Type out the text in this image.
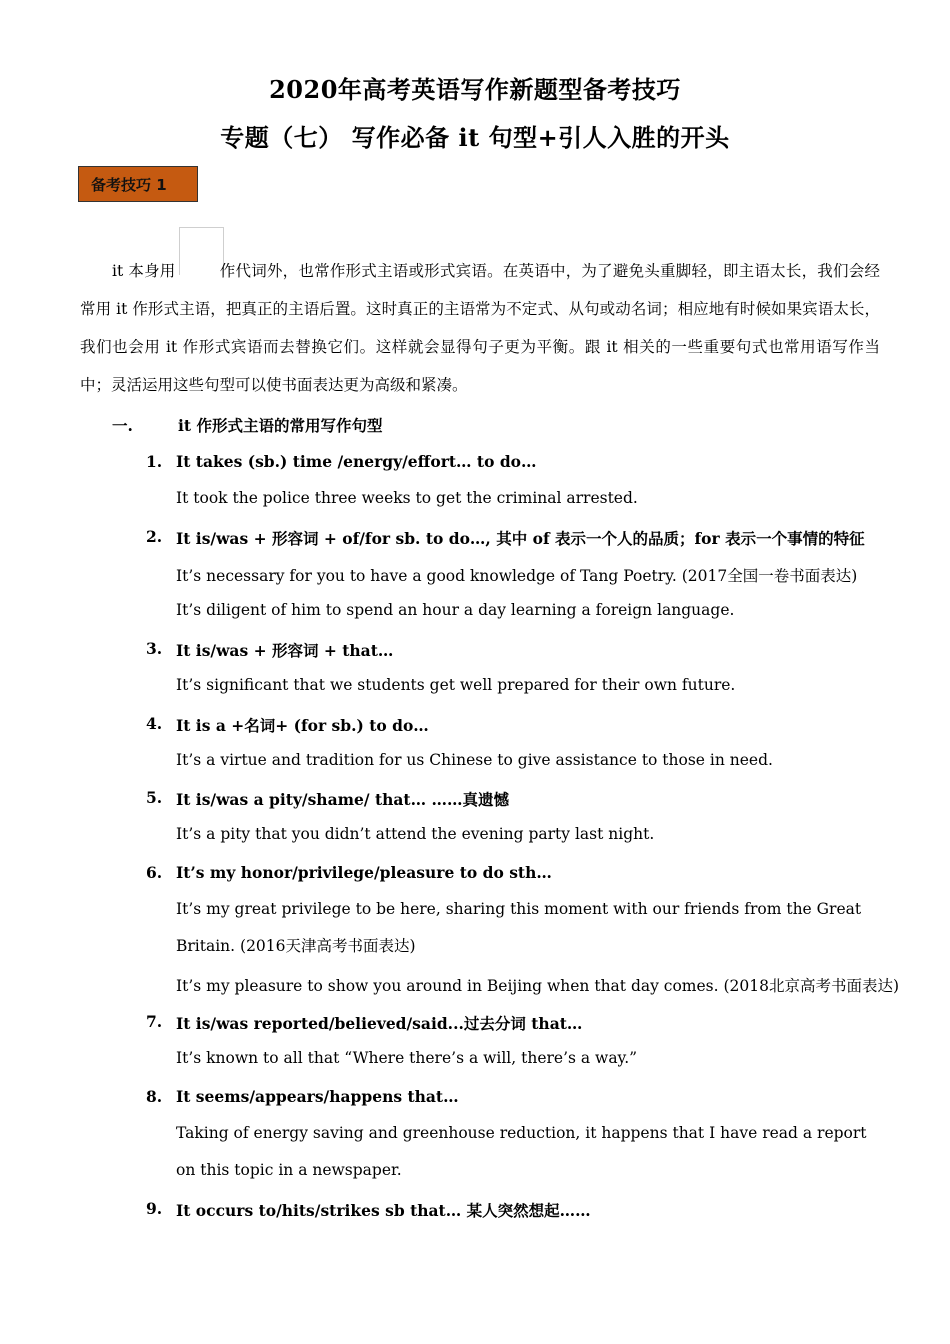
2020年高考英语写作新题型备考技巧
专题（七） 写作必备 it 句型+引人入胜的开头
备考技巧 1
it 本身用	作代词外，也常作形式主语或形式宾语。在英语中，为了避免头重脚轻，即主语太长，我们会经常用 it 作形式主语，把真正的主语后置。这时真正的主语常为不定式、从句或动名词；相应地有时候如果宾语太长，我们也会用 it 作形式宾语而去替换它们。这样就会显得句子更为平衡。跟 it 相关的一些重要句式也常用语写作当中；灵活运用这些句型可以使书面表达更为高级和紧凑。
一.	it 作形式主语的常用写作句型
1. It takes (sb.) time /energy/effort… to do…
It took the police three weeks to get the criminal arrested.
2. It is/was + 形容词 + of/for sb. to do…, 其中 of 表示一个人的品质；for 表示一个事情的特征
It’s necessary for you to have a good knowledge of Tang Poetry. (2017全国一卷书面表达)
It’s diligent of him to spend an hour a day learning a foreign language.
3. It is/was + 形容词 + that…
It’s significant that we students get well prepared for their own future.
4. It is a +名词+ (for sb.) to do…
It’s a virtue and tradition for us Chinese to give assistance to those in need.
5. It is/was a pity/shame/ that… ……真遗憾
It’s a pity that you didn’t attend the evening party last night.
6. It’s my honor/privilege/pleasure to do sth…
It’s my great privilege to be here, sharing this moment with our friends from the Great Britain. (2016天津高考书面表达)
It’s my pleasure to show you around in Beijing when that day comes. (2018北京高考书面表达)
7. It is/was reported/believed/said...过去分词 that…
It’s known to all that “Where there’s a will, there’s a way.”
8. It seems/appears/happens that…
Taking of energy saving and greenhouse reduction, it happens that I have read a report on this topic in a newspaper.
9. It occurs to/hits/strikes sb that… 某人突然想起……
